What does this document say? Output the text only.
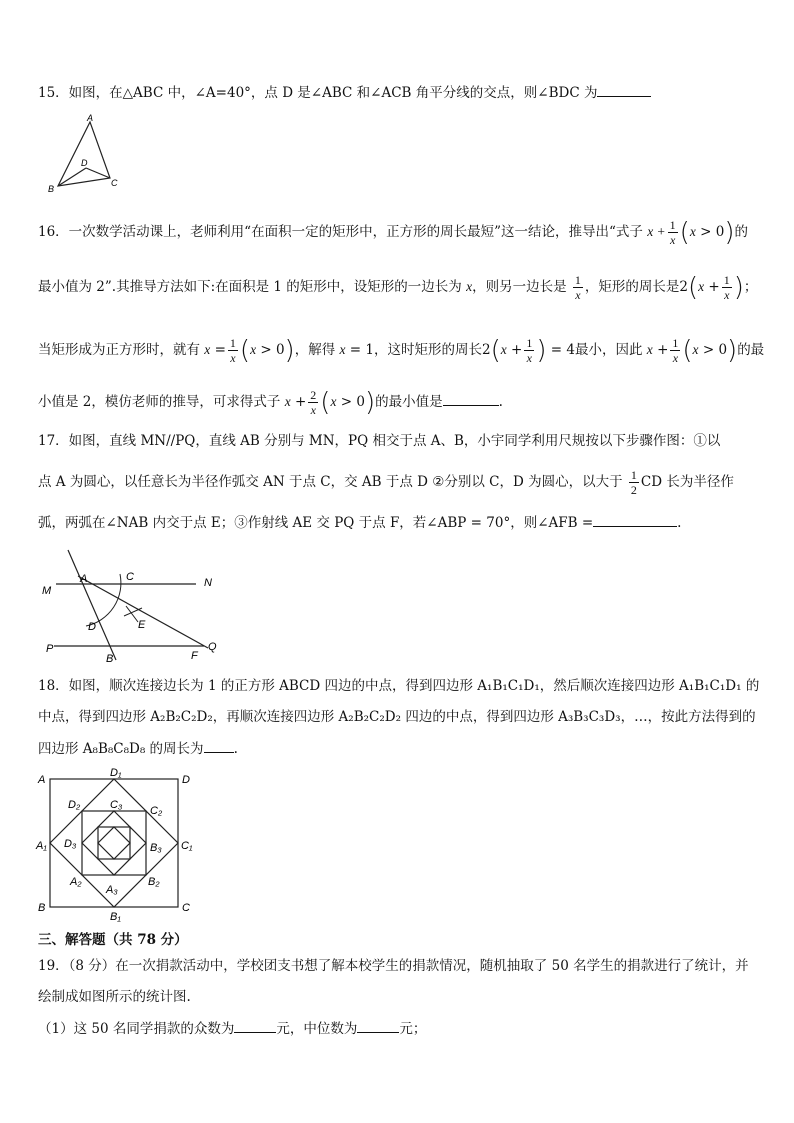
15．如图，在△ABC 中，∠A=40°，点 D 是∠ABC 和∠ACB 角平分线的交点，则∠BDC 为
A
B
C
D
16．一次数学活动课上，老师利用“在面积一定的矩形中，正方形的周长最短”这一结论，推导出“式子 $x + \frac{1}{x} (x > 0)$的
最小值为 2”.其推导方法如下:在面积是 1 的矩形中，设矩形的一边长为 x，则另一边长是 $\frac{1}{x}$ ，矩形的周长是$2(x + \frac{1}{x}$ )；
当矩形成为正方形时，就有 $x = \frac{1}{x} (x > 0)$，解得 x = 1，这时矩形的周长$2(x + \frac{1}{x}$ ) = 4最小，因此 $x + \frac{1}{x} (x > 0)$的最
小值是 2，模仿老师的推导，可求得式子 $x + \frac{2}{x} (x > 0)$的最小值是	.
17．如图，直线 MN//PQ，直线 AB 分别与 MN，PQ 相交于点 A、B，小宇同学利用尺规按以下步骤作图：①以
点 A 为圆心，以任意长为半径作弧交 AN 于点 C，交 AB 于点 D ②分别以 C，D 为圆心，以大于 $\frac{1}{2}$ CD 长为半径作
弧，两弧在∠NAB 内交于点 E；③作射线 AE 交 PQ 于点 F，若∠ABP = 70°，则∠AFB =	.
M
N
A	C
D	E
P	Q
B	F
18．如图，顺次连接边长为 1 的正方形 ABCD 四边的中点，得到四边形 A₁B₁C₁D₁，然后顺次连接四边形 A₁B₁C₁D₁ 的
中点，得到四边形 A₂B₂C₂D₂，再顺次连接四边形 A₂B₂C₂D₂ 四边的中点，得到四边形 A₃B₃C₃D₃，…，按此方法得到的
四边形 A₈B₈C₈D₈ 的周长为 .
A	D
B	C
D₁
C₁
B₁
A₁
D₂	C₂
B₂
A₂
D₃
C₃
B₃
A₃
三、解答题（共 78 分）
19．（8 分）在一次捐款活动中，学校团支书想了解本校学生的捐款情况，随机抽取了 50 名学生的捐款进行了统计，并
绘制成如图所示的统计图.
（1）这 50 名同学捐款的众数为	元，中位数为	元；
